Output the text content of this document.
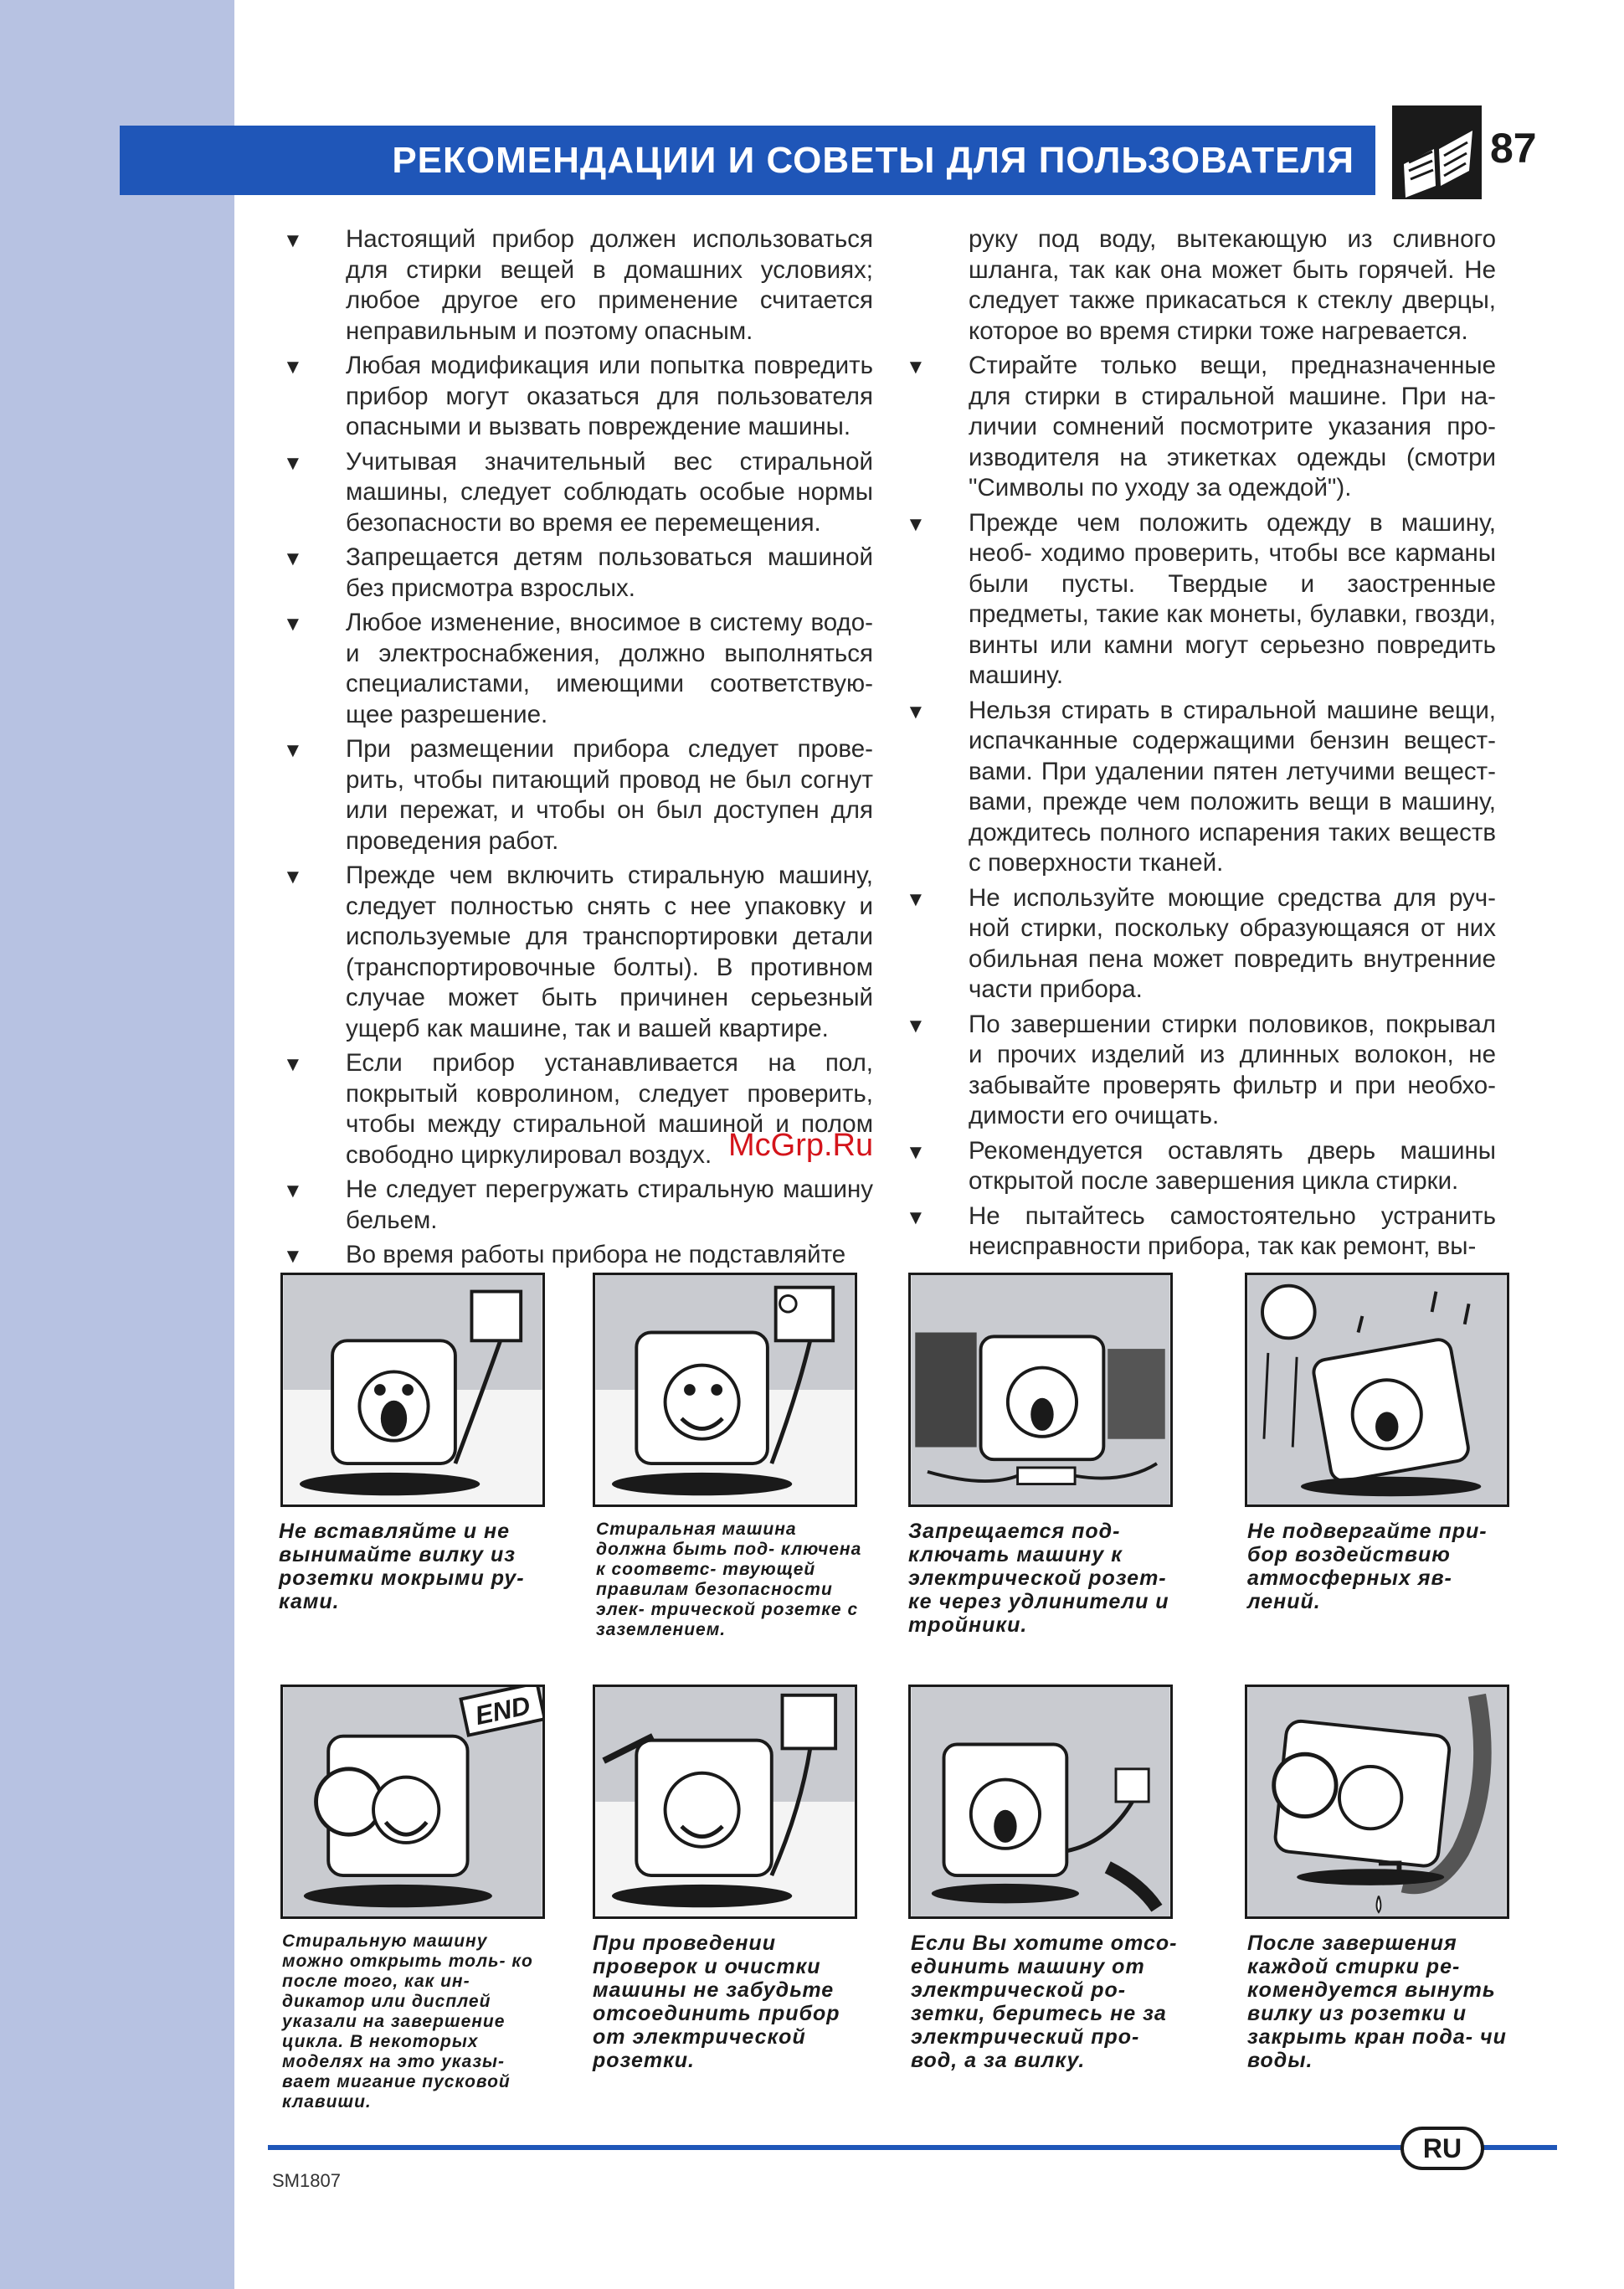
РЕКОМЕНДАЦИИ И СОВЕТЫ ДЛЯ ПОЛЬЗОВАТЕЛЯ	87
▼ Настоящий прибор должен использоваться для стирки вещей в домашних условиях; любое другое его применение считается неправильным и поэтому опасным.
▼ Любая модификация или попытка повредить прибор могут оказаться для пользователя опасными и вызвать повреждение машины.
▼ Учитывая значительный вес стиральной машины, следует соблюдать особые нормы безопасности во время ее перемещения.
▼ Запрещается детям пользоваться машиной без присмотра взрослых.
▼ Любое изменение, вносимое в систему водо- и электроснабжения, должно выполняться специалистами, имеющими соответствую- щее разрешение.
▼ При размещении прибора следует прове- рить, чтобы питающий провод не был согнут или пережат, и чтобы он был доступен для проведения работ.
▼ Прежде чем включить стиральную машину, следует полностью снять с нее упаковку и используемые для транспортировки детали (транспортировочные болты). В противном случае может быть причинен серьезный ущерб как машине, так и вашей квартире.
▼ Если прибор устанавливается на пол, покрытый ковролином, следует проверить, чтобы между стиральной машиной и полом свободно циркулировал воздух.
▼ Не следует перегружать стиральную машину бельем.
▼ Во время работы прибора не подставляйте
руку под воду, вытекающую из сливного шланга, так как она может быть горячей. Не следует также прикасаться к стеклу дверцы, которое во время стирки тоже нагревается.
▼ Стирайте только вещи, предназначенные для стирки в стиральной машине. При на- личии сомнений посмотрите указания про- изводителя на этикетках одежды (смотри "Символы по уходу за одеждой").
▼ Прежде чем положить одежду в машину, необ- ходимо проверить, чтобы все карманы были пусты. Твердые и заостренные предметы, такие как монеты, булавки, гвозди, винты или камни могут серьезно повредить машину.
▼ Нельзя стирать в стиральной машине вещи, испачканные содержащими бензин вещест- вами. При удалении пятен летучими вещест- вами, прежде чем положить вещи в машину, дождитесь полного испарения таких веществ с поверхности тканей.
▼ Не используйте моющие средства для руч- ной стирки, поскольку образующаяся от них обильная пена может повредить внутренние части прибора.
▼ По завершении стирки половиков, покрывал и прочих изделий из длинных волокон, не забывайте проверять фильтр и при необхо- димости его очищать.
▼ Рекомендуется оставлять дверь машины открытой после завершения цикла стирки.
▼ Не пытайтесь самостоятельно устранить неисправности прибора, так как ремонт, вы-
McGrp.Ru
Не вставляйте и не вынимайте вилку из розетки мокрыми ру- ками.
Стиральная машина должна быть под- ключена к соответс- твующей правилам безопасности элек- трической розетке с заземлением.
Запрещается под- ключать машину к электрической розет- ке через удлинители и тройники.
Не подвергайте при- бор воздействию атмосферных яв- лений.
END
Стиральную машину можно открыть толь- ко после того, как ин- дикатор или дисплей указали на завершение цикла. В некоторых моделях на это указы- вает мигание пусковой клавиши.
При проведении проверок и очистки машины не забудьте отсоединить прибор от электрической розетки.
Если Вы хотите отсо- единить машину от электрической ро- зетки, беритесь не за электрический про- вод, а за вилку.
После завершения каждой стирки ре- комендуется вынуть вилку из розетки и закрыть кран пода- чи воды.
RU
SM1807
